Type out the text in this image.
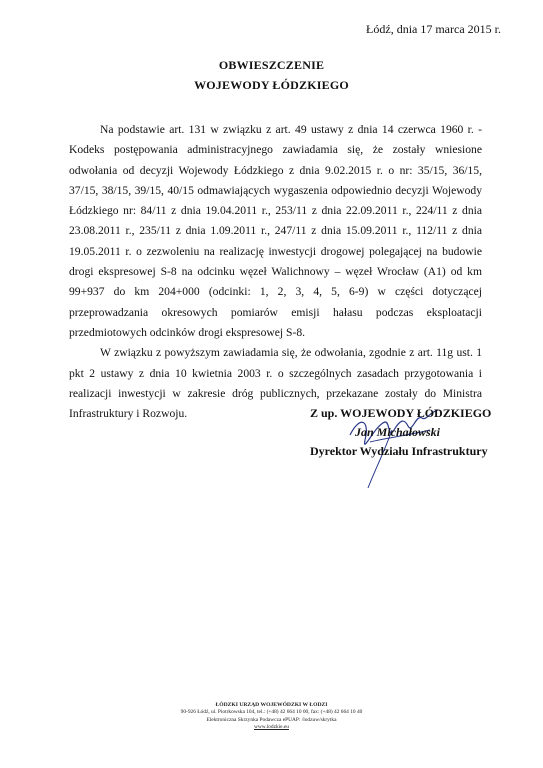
Łódź, dnia 17 marca 2015 r.
OBWIESZCZENIE
WOJEWODY ŁÓDZKIEGO

Na podstawie art. 131 w związku z art. 49 ustawy z dnia 14 czerwca 1960 r. - Kodeks postępowania administracyjnego zawiadamia się, że zostały wniesione odwołania od decyzji Wojewody Łódzkiego z dnia 9.02.2015 r. o nr: 35/15, 36/15, 37/15, 38/15, 39/15, 40/15 odmawiających wygaszenia odpowiednio decyzji Wojewody Łódzkiego nr: 84/11 z dnia 19.04.2011 r., 253/11 z dnia 22.09.2011 r., 224/11 z dnia 23.08.2011 r., 235/11 z dnia 1.09.2011 r., 247/11 z dnia 15.09.2011 r., 112/11 z dnia 19.05.2011 r. o zezwoleniu na realizację inwestycji drogowej polegającej na budowie drogi ekspresowej S-8 na odcinku węzeł Walichnowy – węzeł Wrocław (A1) od km 99+937 do km 204+000 (odcinki: 1, 2, 3, 4, 5, 6-9) w części dotyczącej przeprowadzania okresowych pomiarów emisji hałasu podczas eksploatacji przedmiotowych odcinków drogi ekspresowej S-8.

W związku z powyższym zawiadamia się, że odwołania, zgodnie z art. 11g ust. 1 pkt 2 ustawy z dnia 10 kwietnia 2003 r. o szczególnych zasadach przygotowania i realizacji inwestycji w zakresie dróg publicznych, przekazane zostały do Ministra Infrastruktury i Rozwoju.	Z up. WOJEWODY ŁÓDZKIEGO
Jan Michałowski
Dyrektor Wydziału Infrastruktury
ŁÓDZKI URZĄD WOJEWÓDZKI W ŁODZI
90-926 Łódź, ul. Piotrkowska 104, tel.: (+48) 42 664 10 00, fax: (+48) 42 664 10 40
Elektroniczna Skrzynka Podawcza ePUAP: /lodzuw/skrytka
www.lodzkie.eu
